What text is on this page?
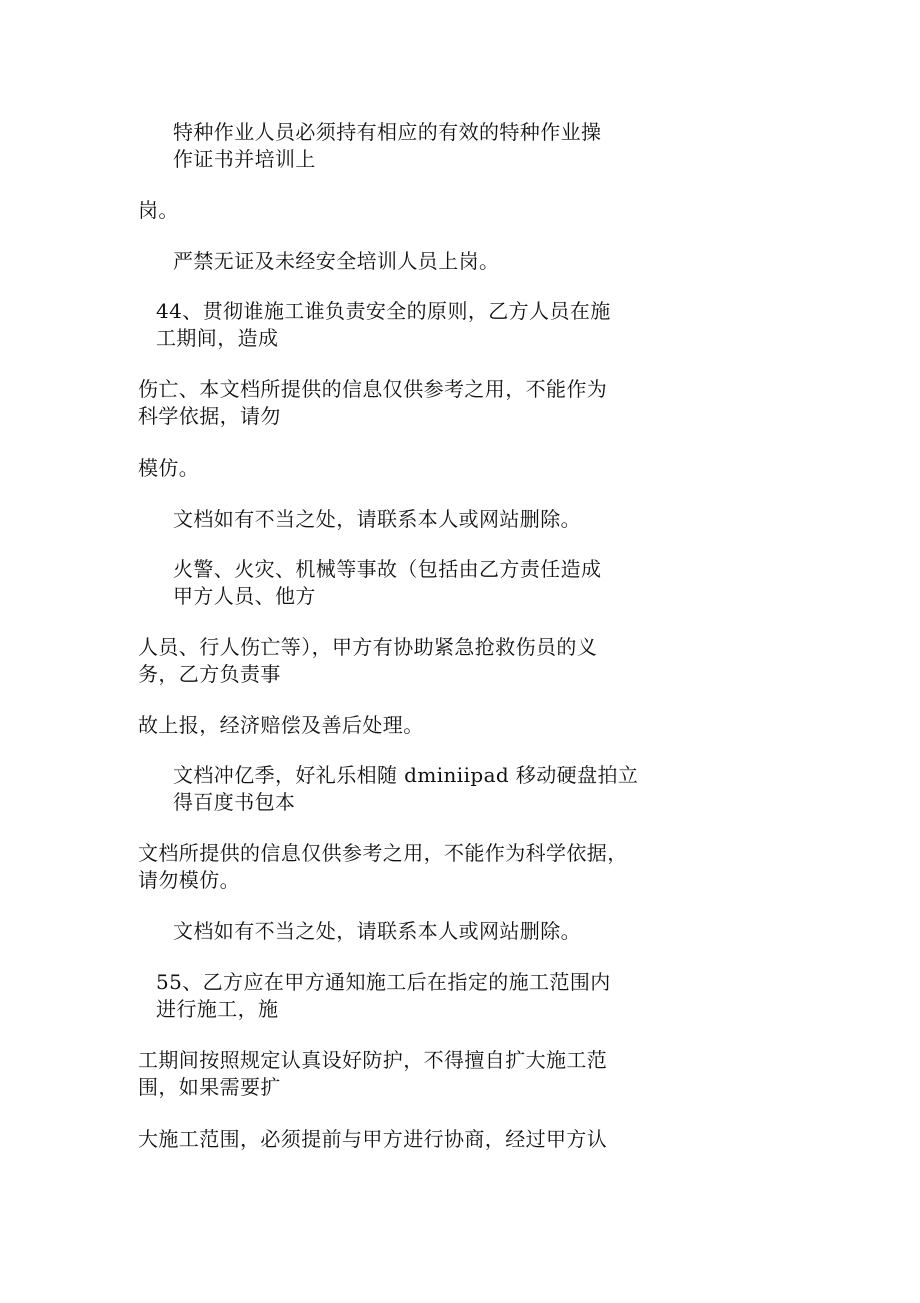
特种作业人员必须持有相应的有效的特种作业操
作证书并培训上
岗。
严禁无证及未经安全培训人员上岗。
44、贯彻谁施工谁负责安全的原则，乙方人员在施
工期间，造成
伤亡、本文档所提供的信息仅供参考之用，不能作为
科学依据，请勿
模仿。
文档如有不当之处，请联系本人或网站删除。
火警、火灾、机械等事故（包括由乙方责任造成
甲方人员、他方
人员、行人伤亡等），甲方有协助紧急抢救伤员的义
务，乙方负责事
故上报，经济赔偿及善后处理。
文档冲亿季，好礼乐相随 dminiipad 移动硬盘拍立
得百度书包本
文档所提供的信息仅供参考之用，不能作为科学依据，
请勿模仿。
文档如有不当之处，请联系本人或网站删除。
55、乙方应在甲方通知施工后在指定的施工范围内
进行施工，施
工期间按照规定认真设好防护，不得擅自扩大施工范
围，如果需要扩
大施工范围，必须提前与甲方进行协商，经过甲方认
